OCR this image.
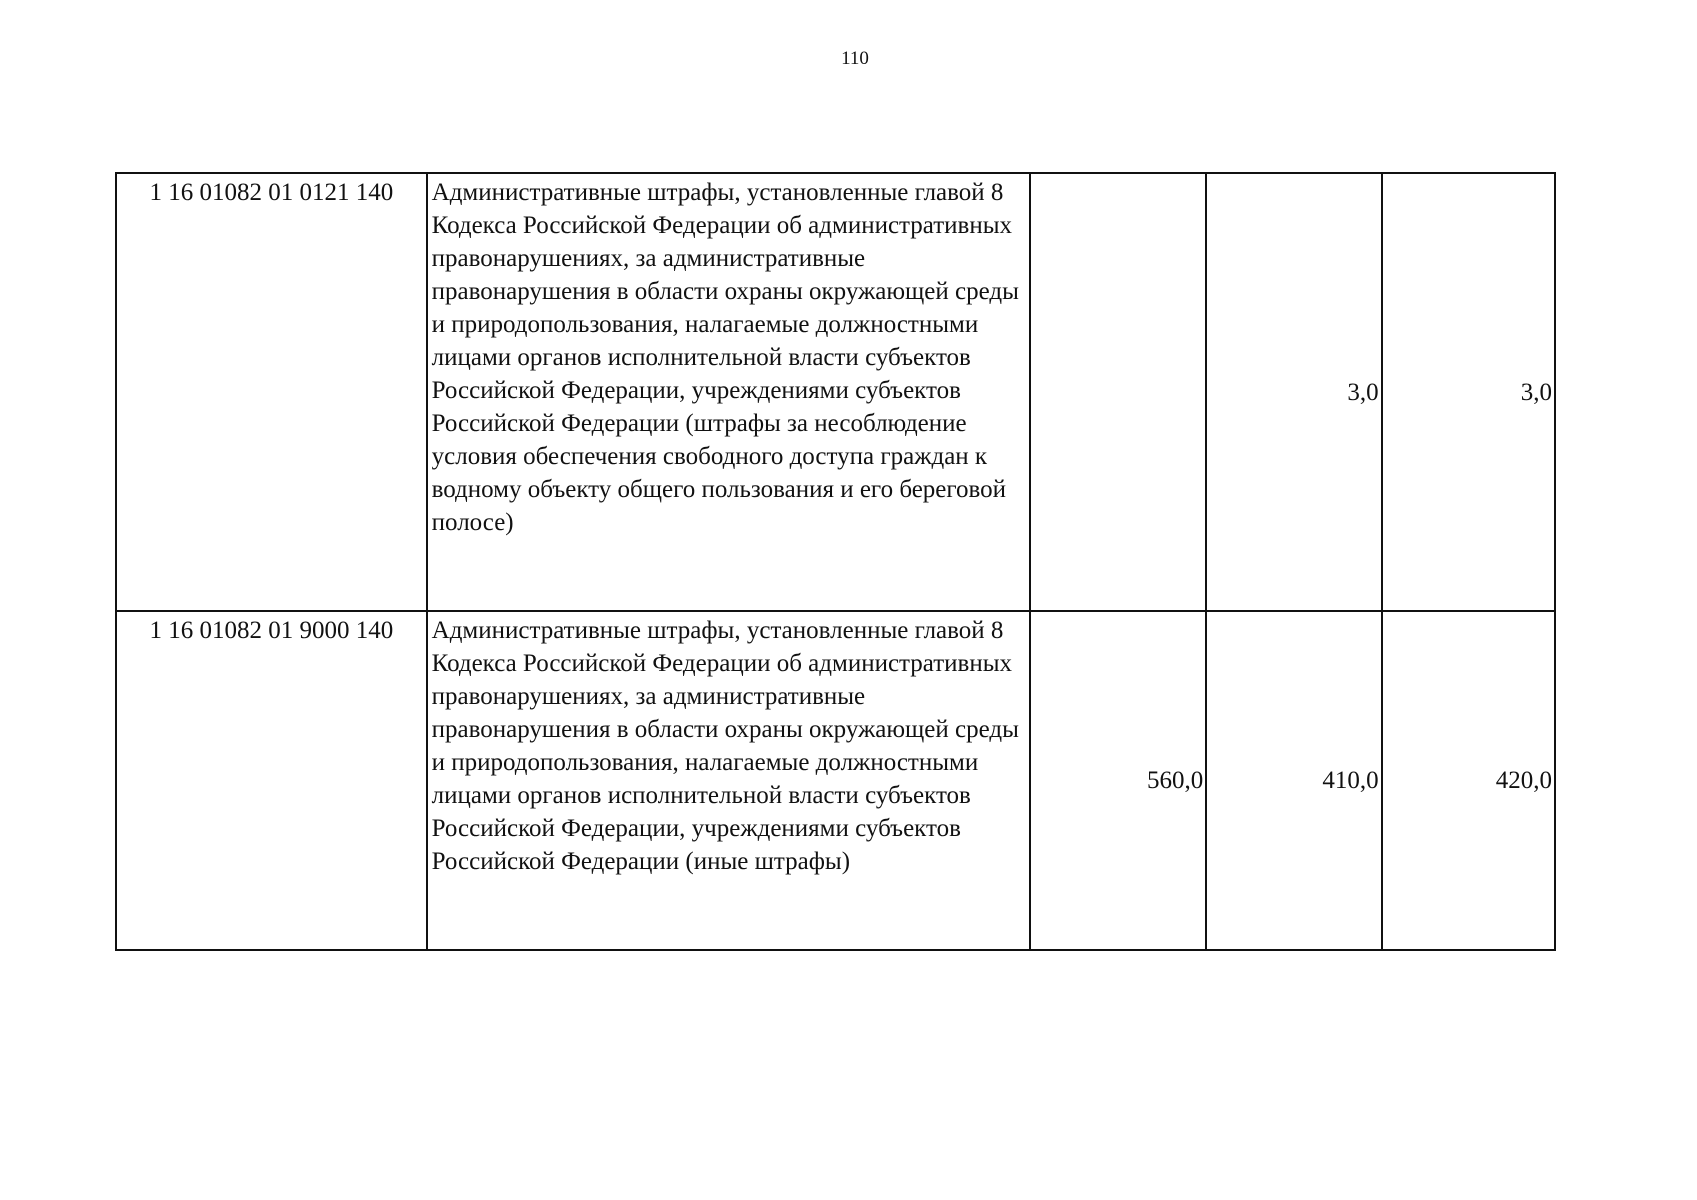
110
1 16 01082 01 0121 140	Административные штрафы, установленные главой 8 Кодекса Российской Федерации об административных правонарушениях, за административные правонарушения в области охраны окружающей среды и природопользования, налагаемые должностными лицами органов исполнительной власти субъектов Российской Федерации, учреждениями субъектов Российской Федерации (штрафы за несоблюдение условия обеспечения свободного доступа граждан к водному объекту общего пользования и его береговой полосе)		3,0	3,0
1 16 01082 01 9000 140	Административные штрафы, установленные главой 8 Кодекса Российской Федерации об административных правонарушениях, за административные правонарушения в области охраны окружающей среды и природопользования, налагаемые должностными лицами органов исполнительной власти субъектов Российской Федерации, учреждениями субъектов Российской Федерации (иные штрафы)	560,0	410,0	420,0
